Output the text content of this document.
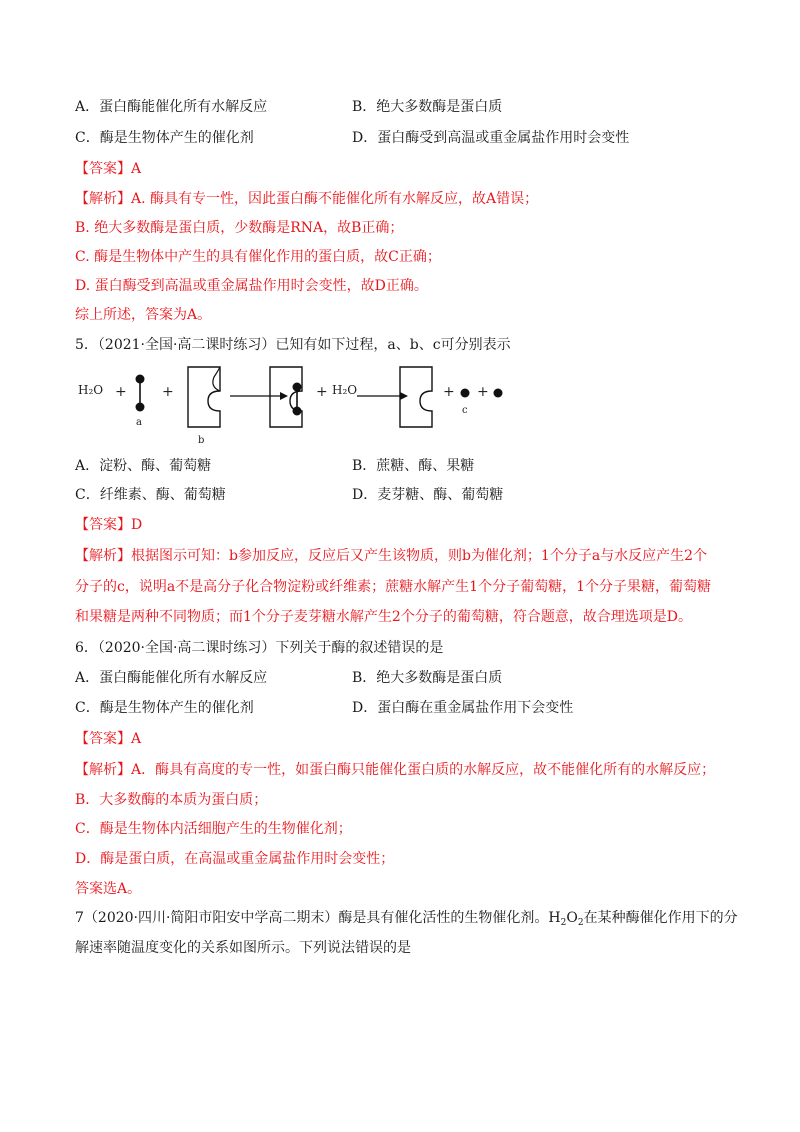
A．蛋白酶能催化所有水解反应	B．绝大多数酶是蛋白质
C．酶是生物体产生的催化剂	D．蛋白酶受到高温或重金属盐作用时会变性
【答案】A
【解析】A. 酶具有专一性，因此蛋白酶不能催化所有水解反应，故A错误；
B. 绝大多数酶是蛋白质，少数酶是RNA，故B正确；
C. 酶是生物体中产生的具有催化作用的蛋白质，故C正确；
D. 蛋白酶受到高温或重金属盐作用时会变性，故D正确。
综上所述，答案为A。
5．（2021·全国·高二课时练习）已知有如下过程，a、b、c可分别表示
H₂O +
a
+
b
+ H₂O	+
c
+
A．淀粉、酶、葡萄糖	B．蔗糖、酶、果糖
C．纤维素、酶、葡萄糖	D．麦芽糖、酶、葡萄糖
【答案】D
【解析】根据图示可知：b参加反应，反应后又产生该物质，则b为催化剂；1个分子a与水反应产生2个
分子的c，说明a不是高分子化合物淀粉或纤维素；蔗糖水解产生1个分子葡萄糖，1个分子果糖，葡萄糖
和果糖是两种不同物质；而1个分子麦芽糖水解产生2个分子的葡萄糖，符合题意，故合理选项是D。
6．（2020·全国·高二课时练习）下列关于酶的叙述错误的是
A．蛋白酶能催化所有水解反应	B．绝大多数酶是蛋白质
C．酶是生物体产生的催化剂	D．蛋白酶在重金属盐作用下会变性
【答案】A
【解析】A．酶具有高度的专一性，如蛋白酶只能催化蛋白质的水解反应，故不能催化所有的水解反应；
B．大多数酶的本质为蛋白质；
C．酶是生物体内活细胞产生的生物催化剂；
D．酶是蛋白质，在高温或重金属盐作用时会变性；
答案选A。
7（2020·四川·简阳市阳安中学高二期末）酶是具有催化活性的生物催化剂。$H_2O_2$在某种酶催化作用下的分
解速率随温度变化的关系如图所示。下列说法错误的是
